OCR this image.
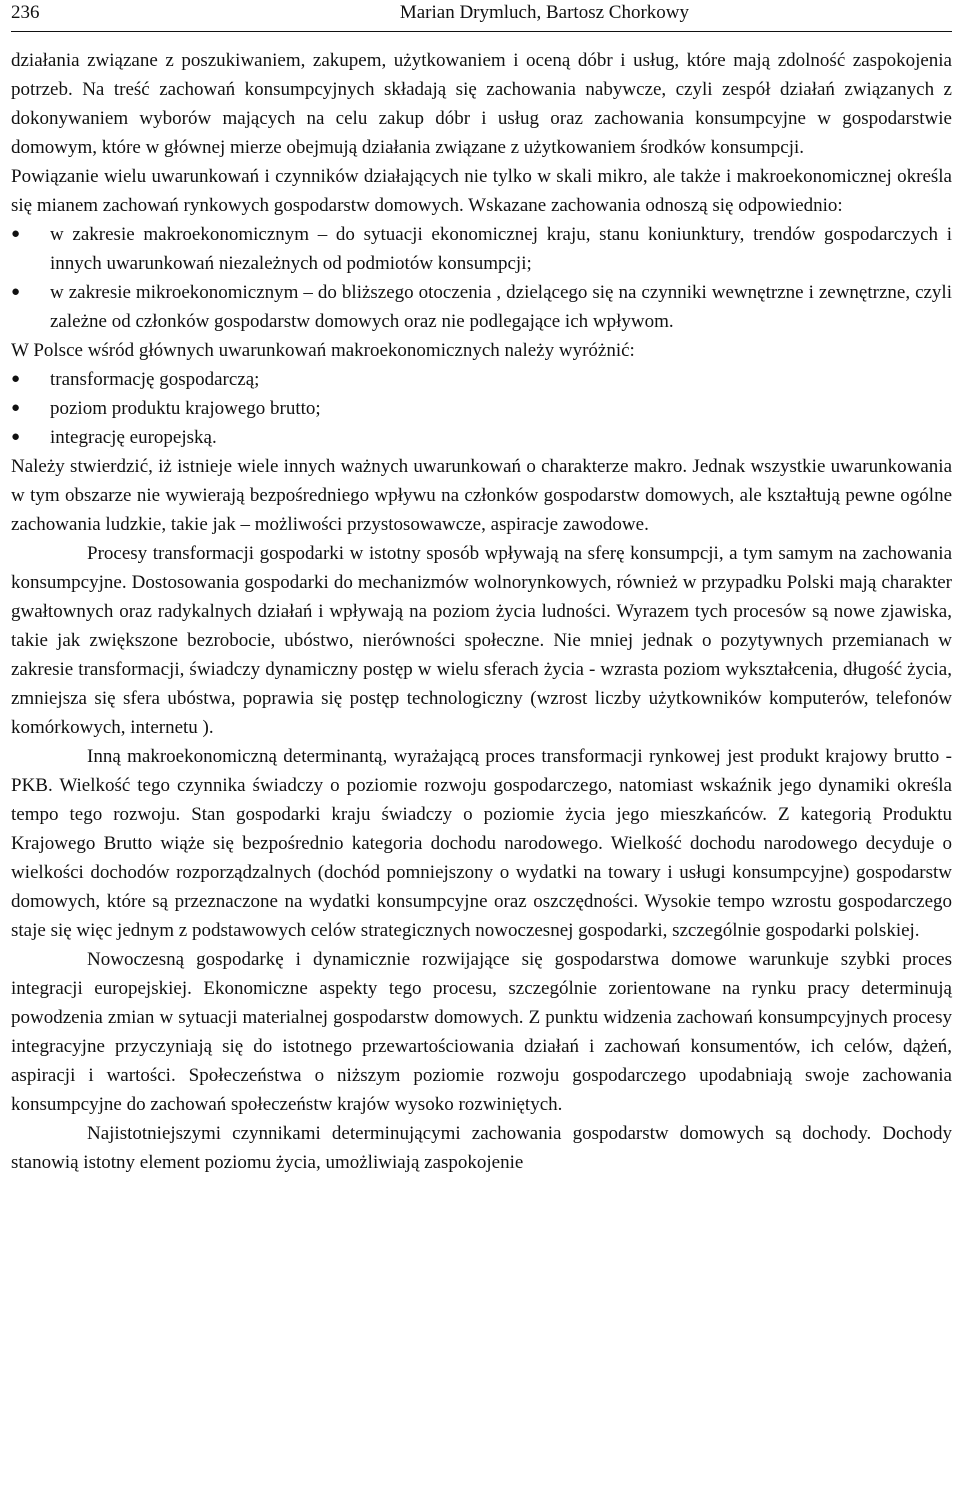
236	Marian Drymluch, Bartosz Chorkowy

działania związane z poszukiwaniem, zakupem, użytkowaniem i oceną dóbr i usług, które mają zdolność zaspokojenia potrzeb. Na treść zachowań konsumpcyjnych składają się zachowania nabywcze, czyli zespół działań związanych z dokonywaniem wyborów mających na celu zakup dóbr i usług oraz zachowania konsumpcyjne w gospodarstwie domowym, które w głównej mierze obejmują działania związane z użytkowaniem środków konsumpcji.

Powiązanie wielu uwarunkowań i czynników działających nie tylko w skali mikro, ale także i makroekonomicznej określa się mianem zachowań rynkowych gospodarstw domowych. Wskazane zachowania odnoszą się odpowiednio:

● w zakresie makroekonomicznym – do sytuacji ekonomicznej kraju, stanu koniunktury, trendów gospodarczych i innych uwarunkowań niezależnych od podmiotów konsumpcji;
● w zakresie mikroekonomicznym – do bliższego otoczenia , dzielącego się na czynniki wewnętrzne i zewnętrzne, czyli zależne od członków gospodarstw domowych oraz nie podlegające ich wpływom.

W Polsce wśród głównych uwarunkowań makroekonomicznych należy wyróżnić:

● transformację gospodarczą;
● poziom produktu krajowego brutto;
● integrację europejską.

Należy stwierdzić, iż istnieje wiele innych ważnych uwarunkowań o charakterze makro. Jednak wszystkie uwarunkowania w tym obszarze nie wywierają bezpośredniego wpływu na członków gospodarstw domowych, ale kształtują pewne ogólne zachowania ludzkie, takie jak – możliwości przystosowawcze, aspiracje zawodowe.

Procesy transformacji gospodarki w istotny sposób wpływają na sferę konsumpcji, a tym samym na zachowania konsumpcyjne. Dostosowania gospodarki do mechanizmów wolnorynkowych, również w przypadku Polski mają charakter gwałtownych oraz radykalnych działań i wpływają na poziom życia ludności. Wyrazem tych procesów są nowe zjawiska, takie jak zwiększone bezrobocie, ubóstwo, nierówności społeczne. Nie mniej jednak o pozytywnych przemianach w zakresie transformacji, świadczy dynamiczny postęp w wielu sferach życia - wzrasta poziom wykształcenia, długość życia, zmniejsza się sfera ubóstwa, poprawia się postęp technologiczny (wzrost liczby użytkowników komputerów, telefonów komórkowych, internetu ).

Inną makroekonomiczną determinantą, wyrażającą proces transformacji rynkowej jest produkt krajowy brutto - PKB. Wielkość tego czynnika świadczy o poziomie rozwoju gospodarczego, natomiast wskaźnik jego dynamiki określa tempo tego rozwoju. Stan gospodarki kraju świadczy o poziomie życia jego mieszkańców. Z kategorią Produktu Krajowego Brutto wiąże się bezpośrednio kategoria dochodu narodowego. Wielkość dochodu narodowego decyduje o wielkości dochodów rozporządzalnych (dochód pomniejszony o wydatki na towary i usługi konsumpcyjne) gospodarstw domowych, które są przeznaczone na wydatki konsumpcyjne oraz oszczędności. Wysokie tempo wzrostu gospodarczego staje się więc jednym z podstawowych celów strategicznych nowoczesnej gospodarki, szczególnie gospodarki polskiej.

Nowoczesną gospodarkę i dynamicznie rozwijające się gospodarstwa domowe warunkuje szybki proces integracji europejskiej. Ekonomiczne aspekty tego procesu, szczególnie zorientowane na rynku pracy determinują powodzenia zmian w sytuacji materialnej gospodarstw domowych. Z punktu widzenia zachowań konsumpcyjnych procesy integracyjne przyczyniają się do istotnego przewartościowania działań i zachowań konsumentów, ich celów, dążeń, aspiracji i wartości. Społeczeństwa o niższym poziomie rozwoju gospodarczego upodabniają swoje zachowania konsumpcyjne do zachowań społeczeństw krajów wysoko rozwiniętych.

Najistotniejszymi czynnikami determinującymi zachowania gospodarstw domowych są dochody. Dochody stanowią istotny element poziomu życia, umożliwiają zaspokojenie
